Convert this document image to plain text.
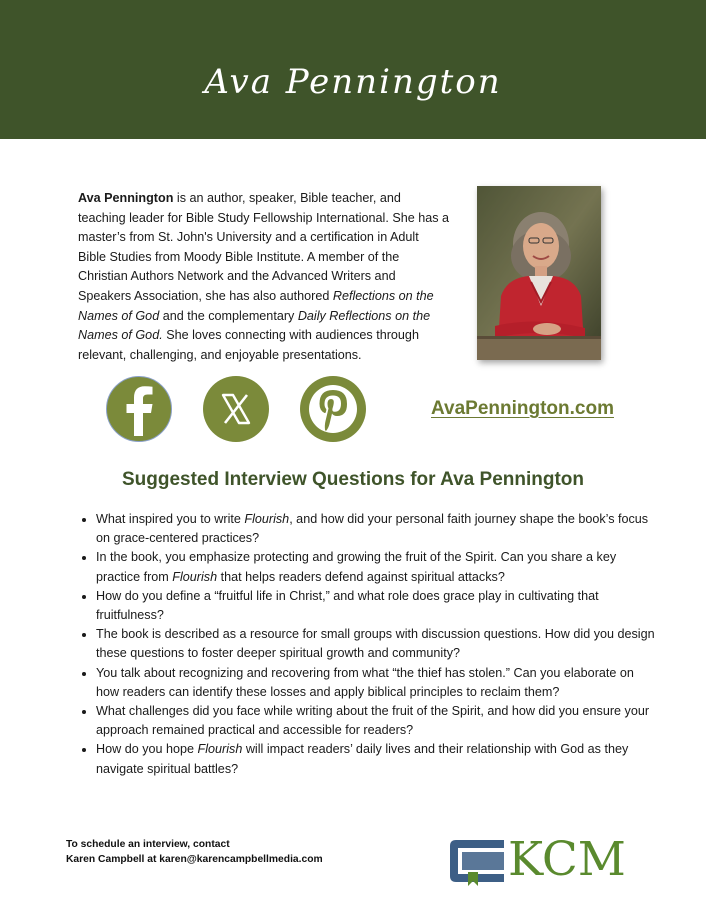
Ava Pennington

Ava Pennington is an author, speaker, Bible teacher, and teaching leader for Bible Study Fellowship International. She has a master’s from St. John's University and a certification in Adult Bible Studies from Moody Bible Institute. A member of the Christian Authors Network and the Advanced Writers and Speakers Association, she has also authored Reflections on the Names of God and the complementary Daily Reflections on the Names of God. She loves connecting with audiences through relevant, challenging, and enjoyable presentations.

AvaPennington.com
Suggested Interview Questions for Ava Pennington
• What inspired you to write Flourish, and how did your personal faith journey shape the book’s focus on grace-centered practices?
• In the book, you emphasize protecting and growing the fruit of the Spirit. Can you share a key practice from Flourish that helps readers defend against spiritual attacks?
• How do you define a “fruitful life in Christ,” and what role does grace play in cultivating that fruitfulness?
• The book is described as a resource for small groups with discussion questions. How did you design these questions to foster deeper spiritual growth and community?
• You talk about recognizing and recovering from what “the thief has stolen.” Can you elaborate on how readers can identify these losses and apply biblical principles to reclaim them?
• What challenges did you face while writing about the fruit of the Spirit, and how did you ensure your approach remained practical and accessible for readers?
• How do you hope Flourish will impact readers’ daily lives and their relationship with God as they navigate spiritual battles?
To schedule an interview, contact
Karen Campbell at karen@karencampbellmedia.com	KCM
